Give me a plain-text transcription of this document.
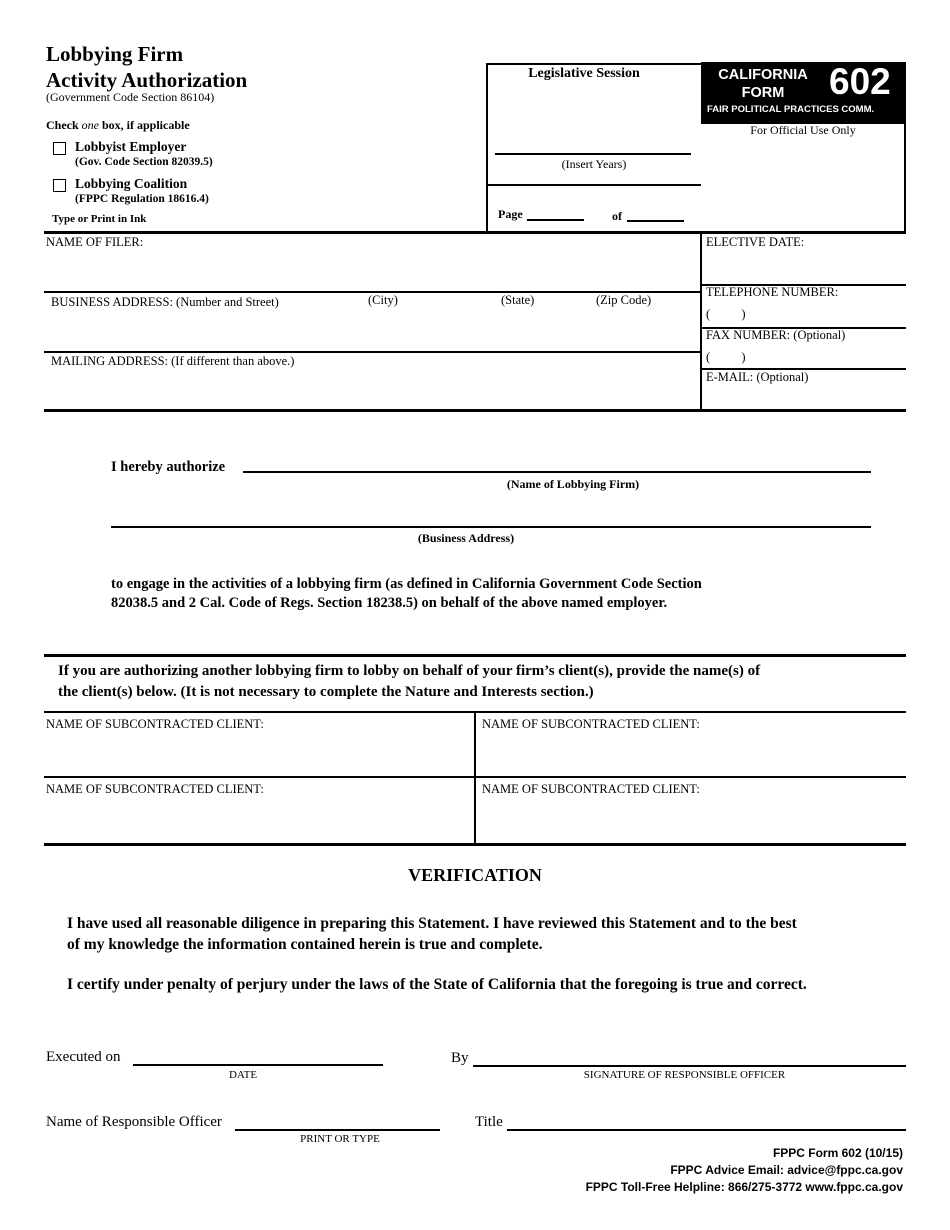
Lobbying Firm
Activity Authorization
(Government Code Section 86104)
Check one box, if applicable
Lobbyist Employer
(Gov. Code Section 82039.5)
Lobbying Coalition
(FPPC Regulation 18616.4)
Type or Print in Ink
Legislative Session
(Insert Years)
Page	of
CALIFORNIA
FORM	602
FAIR POLITICAL PRACTICES COMM.
For Official Use Only
NAME OF FILER:	ELECTIVE DATE:
BUSINESS ADDRESS: (Number and Street)	(City)	(State)	(Zip Code)
TELEPHONE NUMBER:
(          )
FAX NUMBER: (Optional)
(          )
MAILING ADDRESS: (If different than above.)
E-MAIL: (Optional)
I hereby authorize
(Name of Lobbying Firm)
(Business Address)
to engage in the activities of a lobbying firm (as defined in California Government Code Section
82038.5 and 2 Cal. Code of Regs. Section 18238.5) on behalf of the above named employer.
If you are authorizing another lobbying firm to lobby on behalf of your firm’s client(s), provide the name(s) of
the client(s) below. (It is not necessary to complete the Nature and Interests section.)
NAME OF SUBCONTRACTED CLIENT:	NAME OF SUBCONTRACTED CLIENT:
NAME OF SUBCONTRACTED CLIENT:	NAME OF SUBCONTRACTED CLIENT:
VERIFICATION
I have used all reasonable diligence in preparing this Statement. I have reviewed this Statement and to the best
of my knowledge the information contained herein is true and complete.
I certify under penalty of perjury under the laws of the State of California that the foregoing is true and correct.
Executed on
DATE
By
SIGNATURE OF RESPONSIBLE OFFICER
Name of Responsible Officer
PRINT OR TYPE
Title
FPPC Form 602 (10/15)
FPPC Advice Email: advice@fppc.ca.gov
FPPC Toll-Free Helpline: 866/275-3772 www.fppc.ca.gov
